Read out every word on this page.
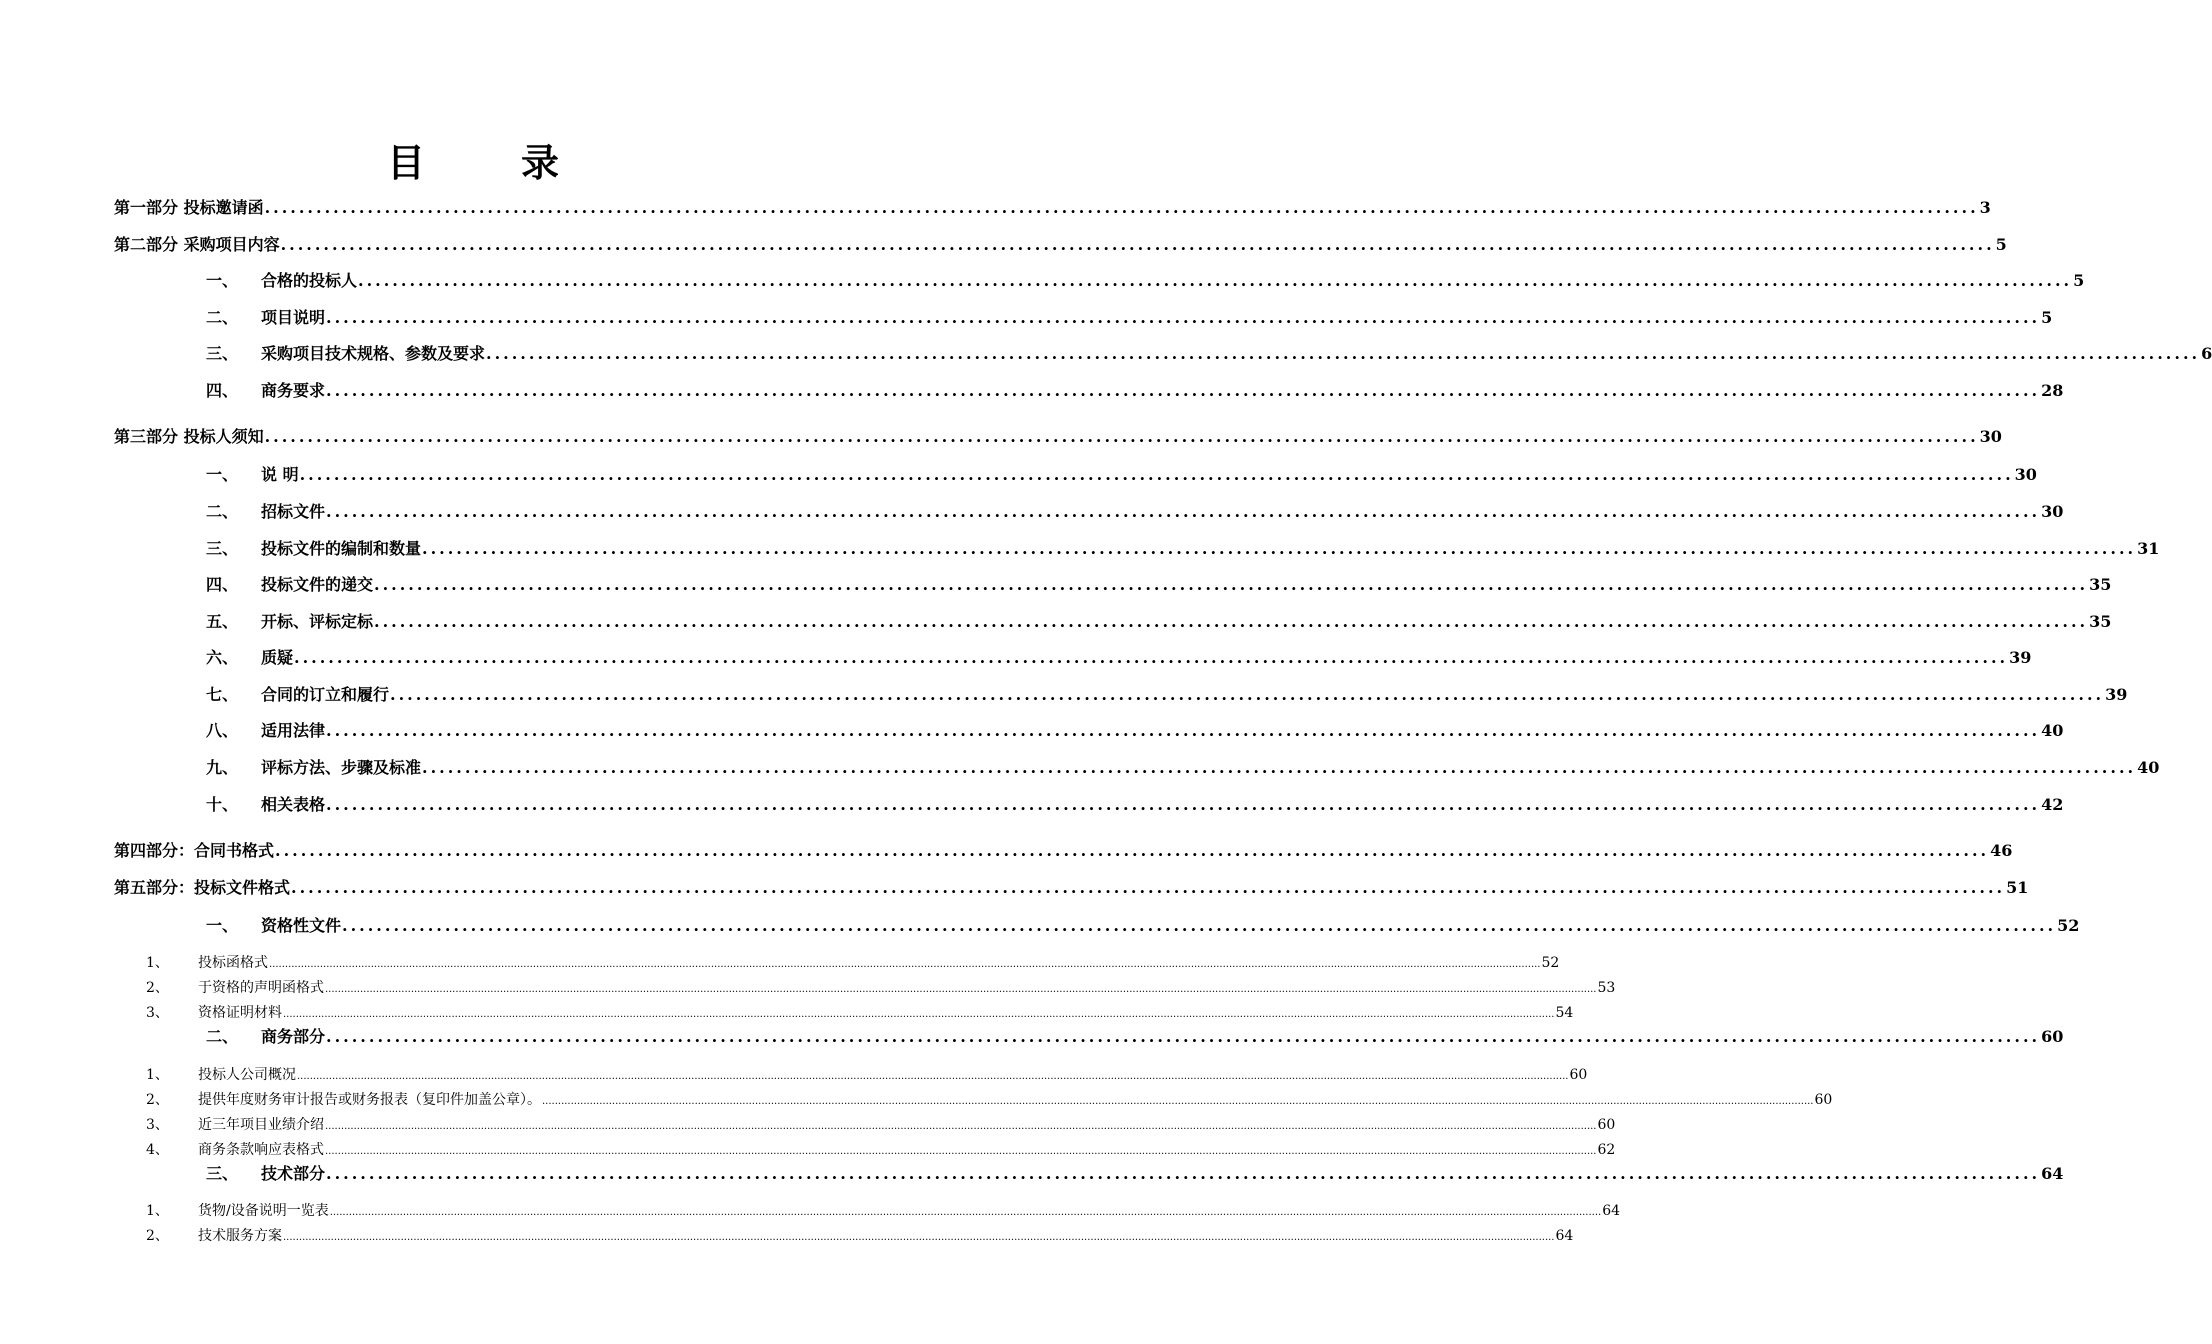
目 录
第一部分 投标邀请函 ........................................................................................................................................................................................................ 3
第二部分 采购项目内容 ........................................................................................................................................................................................................ 5
一、	合格的投标人 ........................................................................................................................................................................................................ 5
二、	项目说明 ........................................................................................................................................................................................................ 5
三、	采购项目技术规格、参数及要求 ........................................................................................................................................................................................................ 6
四、	商务要求 ........................................................................................................................................................................................................ 28
第三部分 投标人须知 ........................................................................................................................................................................................................ 30
一、	说 明 ........................................................................................................................................................................................................ 30
二、	招标文件 ........................................................................................................................................................................................................ 30
三、	投标文件的编制和数量 ........................................................................................................................................................................................................ 31
四、	投标文件的递交 ........................................................................................................................................................................................................ 35
五、	开标、评标定标 ........................................................................................................................................................................................................ 35
六、	质疑 ........................................................................................................................................................................................................ 39
七、	合同的订立和履行 ........................................................................................................................................................................................................ 39
八、	适用法律 ........................................................................................................................................................................................................ 40
九、	评标方法、步骤及标准 ........................................................................................................................................................................................................ 40
十、	相关表格 ........................................................................................................................................................................................................ 42
第四部分：合同书格式 ........................................................................................................................................................................................................ 46
第五部分：投标文件格式 ........................................................................................................................................................................................................ 51
一、	资格性文件 ........................................................................................................................................................................................................ 52
1、	投标函格式 ................................................................................................................................................................................................................................................................................................................................................................................................................ 52
2、	于资格的声明函格式 ................................................................................................................................................................................................................................................................................................................................................................................................................ 53
3、	资格证明材料 ................................................................................................................................................................................................................................................................................................................................................................................................................ 54
二、	商务部分 ........................................................................................................................................................................................................ 60
1、	投标人公司概况 ................................................................................................................................................................................................................................................................................................................................................................................................................ 60
2、	提供年度财务审计报告或财务报表（复印件加盖公章）。 ................................................................................................................................................................................................................................................................................................................................................................................................................ 60
3、	近三年项目业绩介绍 ................................................................................................................................................................................................................................................................................................................................................................................................................ 60
4、	商务条款响应表格式 ................................................................................................................................................................................................................................................................................................................................................................................................................ 62
三、	技术部分 ........................................................................................................................................................................................................ 64
1、	货物/设备说明一览表 ................................................................................................................................................................................................................................................................................................................................................................................................................ 64
2、	技术服务方案 ................................................................................................................................................................................................................................................................................................................................................................................................................ 64
